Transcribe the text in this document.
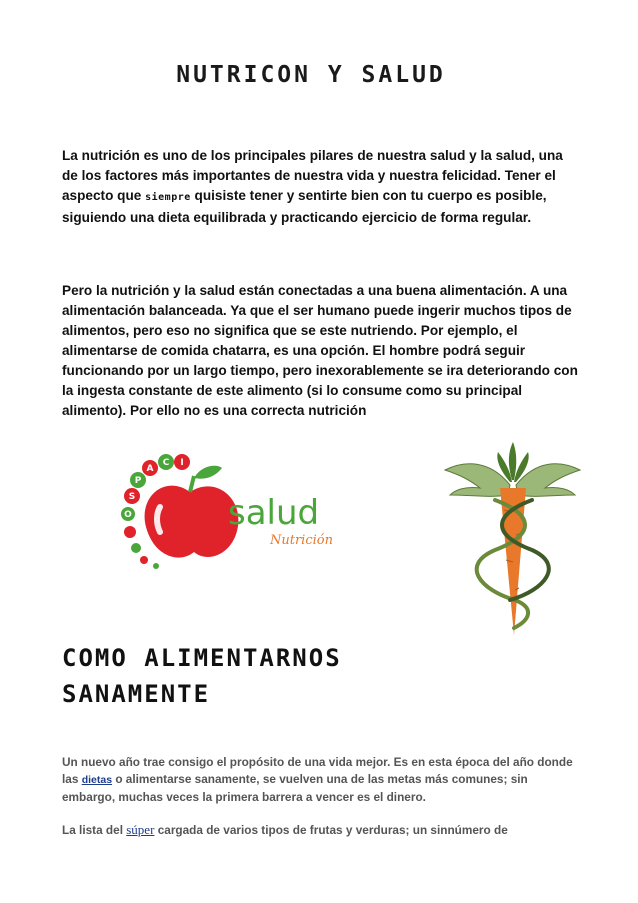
NUTRICON Y SALUD

La nutrición es uno de los principales pilares de nuestra salud y la salud, una de los factores más importantes de nuestra vida y nuestra felicidad. Tener el aspecto que siempre quisiste tener y sentirte bien con tu cuerpo es posible, siguiendo una dieta equilibrada y practicando ejercicio de forma regular.

Pero la nutrición y la salud están conectadas a una buena alimentación. A una alimentación balanceada. Ya que el ser humano puede ingerir muchos tipos de alimentos, pero eso no significa que se este nutriendo. Por ejemplo, el alimentarse de comida chatarra, es una opción. El hombre podrá seguir funcionando por un largo tiempo, pero inexorablemente se ira deteriorando con la ingesta constante de este alimento (si lo consume como su principal alimento). Por ello no es una correcta nutrición

S
P
A
C I
O	salud
Nutrición
COMO ALIMENTARNOS
SANAMENTE

Un nuevo año trae consigo el propósito de una vida mejor. Es en esta época del año donde las dietas o alimentarse sanamente, se vuelven una de las metas más comunes; sin embargo, muchas veces la primera barrera a vencer es el dinero.

La lista del súper cargada de varios tipos de frutas y verduras; un sinnúmero de
